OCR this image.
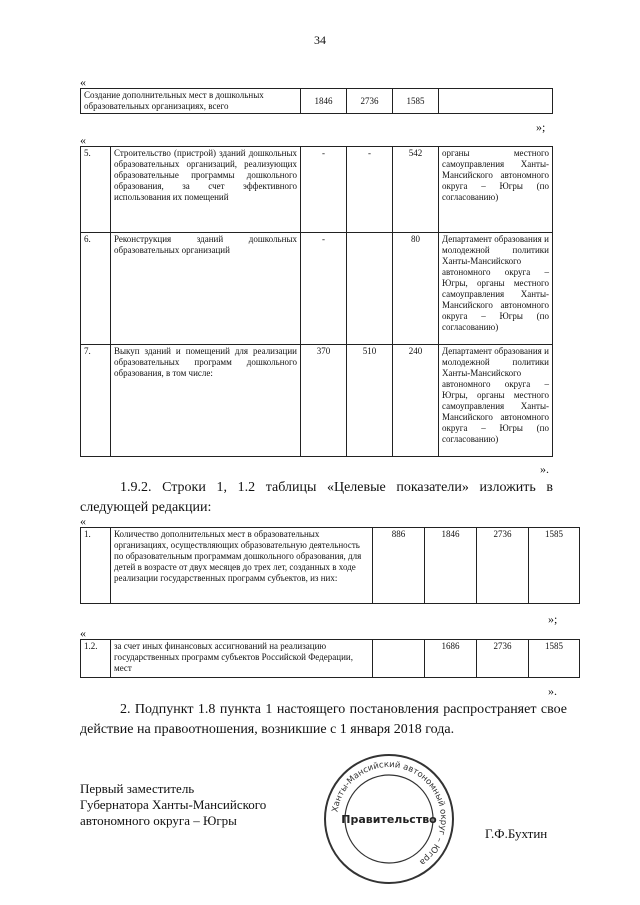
34
«
Создание дополнительных мест в дошкольных образовательных организациях, всего	1846	2736	1585	
»;
«
5.	Строительство (пристрой) зданий дошкольных образовательных организаций, реализующих образовательные программы дошкольного образования, за счет эффективного использования их помещений	-	-	542	органы местного самоуправления Ханты-Мансийского автономного округа – Югры (по согласованию)
6.	Реконструкция зданий дошкольных образовательных организаций	-		80	Департамент образования и молодежной политики Ханты-Мансийского автономного округа – Югры, органы местного самоуправления Ханты-Мансийского автономного округа – Югры (по согласованию)
7.	Выкуп зданий и помещений для реализации образовательных программ дошкольного образования, в том числе:	370	510	240	Департамент образования и молодежной политики Ханты-Мансийского автономного округа – Югры, органы местного самоуправления Ханты-Мансийского автономного округа – Югры (по согласованию)
».
1.9.2. Строки 1, 1.2 таблицы «Целевые показатели» изложить в следующей редакции:
«
1.	Количество дополнительных мест в образовательных организациях, осуществляющих образовательную деятельность по образовательным программам дошкольного образования, для детей в возрасте от двух месяцев до трех лет, созданных в ходе реализации государственных программ субъектов, из них:	886	1846	2736	1585
»;
«
1.2.	за счет иных финансовых ассигнований на реализацию государственных программ субъектов Российской Федерации, мест		1686	2736	1585
».
2. Подпункт 1.8 пункта 1 настоящего постановления распространяет свое действие на правоотношения, возникшие с 1 января 2018 года.
Первый заместитель
Губернатора Ханты-Мансийского
автономного округа – Югры
Г.Ф.Бухтин
Ханты-Мансийский автономный округ – Югра
Правительство
